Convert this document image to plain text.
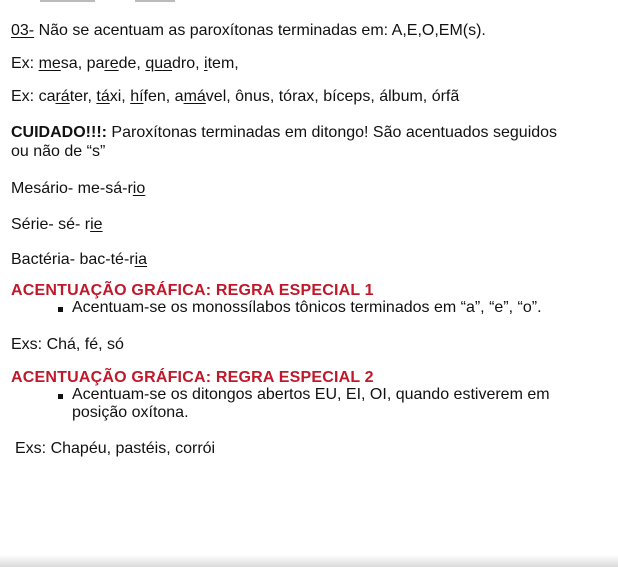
03- Não se acentuam as paroxítonas terminadas em: A,E,O,EM(s).
Ex: mesa, parede, quadro, item,
Ex: caráter, táxi, hífen, amável, ônus, tórax, bíceps, álbum, órfã
CUIDADO!!!: Paroxítonas terminadas em ditongo! São acentuados seguidos
ou não de “s”
Mesário- me-sá-rio
Série- sé- rie
Bactéria- bac-té-ria
ACENTUAÇÃO GRÁFICA: REGRA ESPECIAL 1
Acentuam-se os monossílabos tônicos terminados em “a”, “e”, “o”.
Exs: Chá, fé, só
ACENTUAÇÃO GRÁFICA: REGRA ESPECIAL 2
Acentuam-se os ditongos abertos EU, EI, OI, quando estiverem em
posição oxítona.
Exs: Chapéu, pastéis, corrói
